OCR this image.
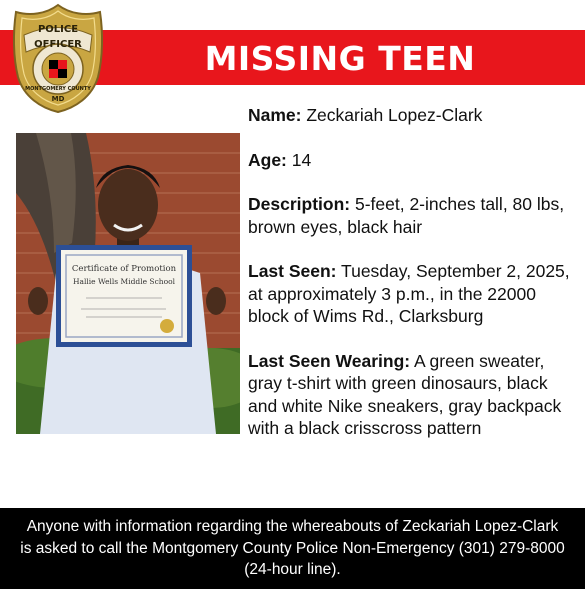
MISSING TEEN
POLICE
OFFICER
MONTGOMERY COUNTY
MD
Certificate of Promotion
Hallie Wells Middle School

Name: Zeckariah Lopez-Clark

Age: 14

Description: 5-feet, 2-inches tall, 80 lbs, brown eyes, black hair

Last Seen: Tuesday, September 2, 2025, at approximately 3 p.m., in the 22000 block of Wims Rd., Clarksburg

Last Seen Wearing: A green sweater, gray t-shirt with green dinosaurs, black and white Nike sneakers, gray backpack with a black crisscross pattern

Anyone with information regarding the whereabouts of Zeckariah Lopez-Clark is asked to call the Montgomery County Police Non-Emergency (301) 279-8000 (24-hour line).
